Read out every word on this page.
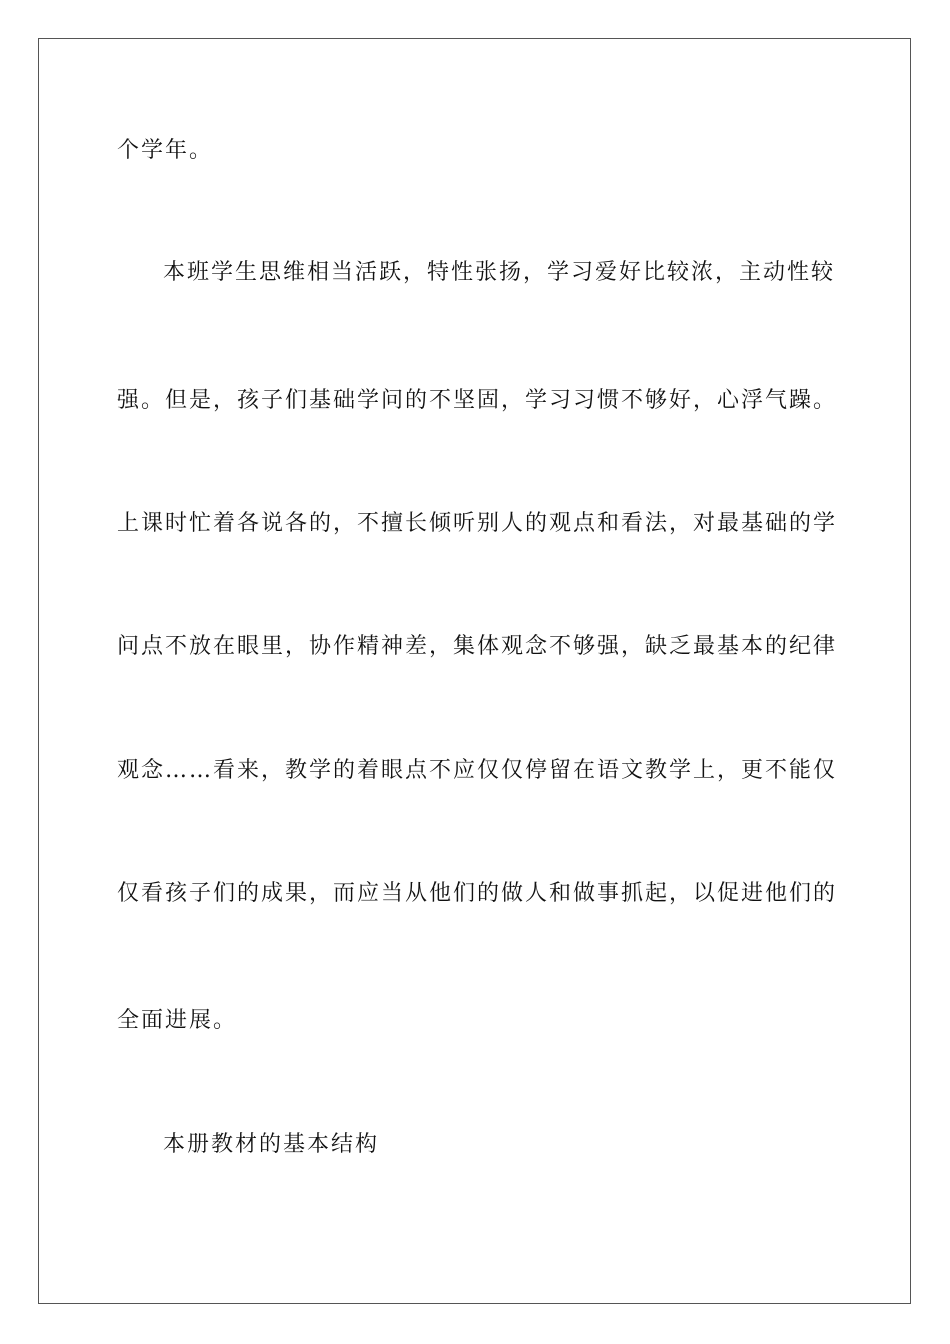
个学年。
本班学生思维相当活跃，特性张扬，学习爱好比较浓，主动性较
强。但是，孩子们基础学问的不坚固，学习习惯不够好，心浮气躁。
上课时忙着各说各的，不擅长倾听别人的观点和看法，对最基础的学
问点不放在眼里，协作精神差，集体观念不够强，缺乏最基本的纪律
观念……看来，教学的着眼点不应仅仅停留在语文教学上，更不能仅
仅看孩子们的成果，而应当从他们的做人和做事抓起，以促进他们的
全面进展。
本册教材的基本结构
